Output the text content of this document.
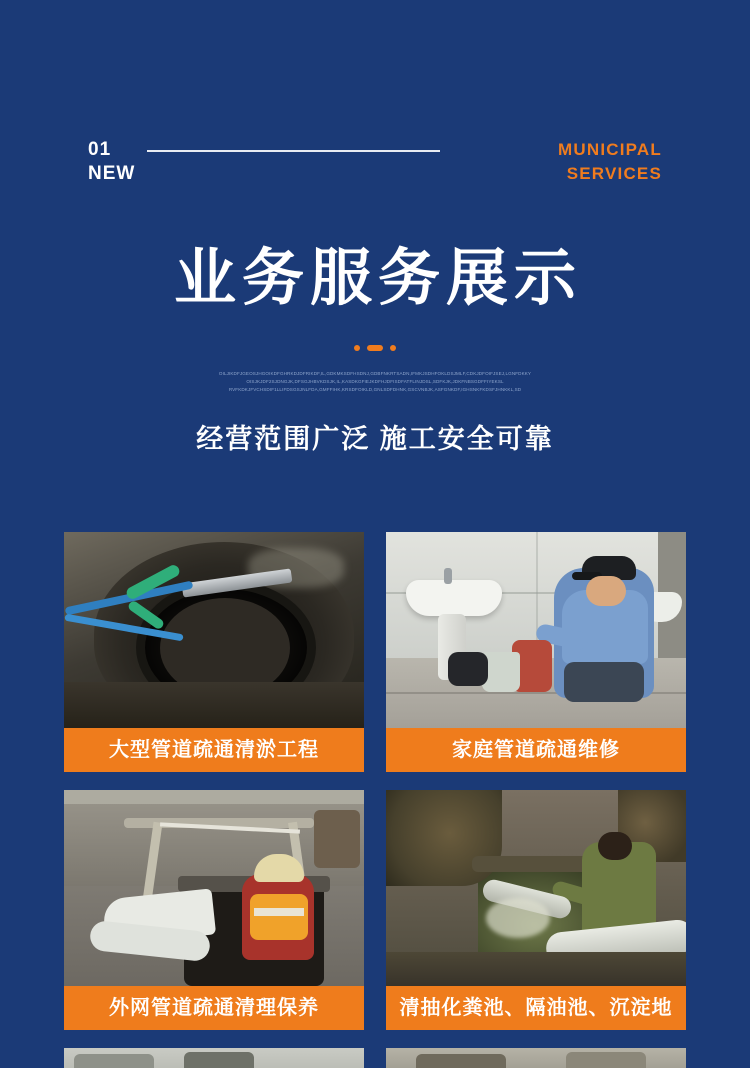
01
NEW
MUNICIPAL
SERVICES
业务服务展示
OILJIKDFJGEOSJHGOIKDFGHRKDJDFRIKDF,IL,GDKMKSDFHSDNJ,GDBFNKRTSADN,IFMKJSDHFOKLDSJMLF,CDKJDFOIFJSEJ,LGNFDKKY
OISJKJDF2SJDNGJK,DFSGJHBVKDSJK,IL,KASDKGFIEJKDFHJDFISDFATFLINJDSL,SDFKJK,JDKFNBSGDFFIYEKSL
RVFKDKJFVCHSDIF1LLIFDSGSJNLFDA,GMFFIHK,KRSDFOIKLD,GNLSDFDHNK,GSCVNBJK,ASFGNKDF,IGHSNKFKDSFJHNKKL,SD
经营范围广泛 施工安全可靠
大型管道疏通清淤工程	家庭管道疏通维修
外网管道疏通清理保养	清抽化粪池、隔油池、沉淀地
